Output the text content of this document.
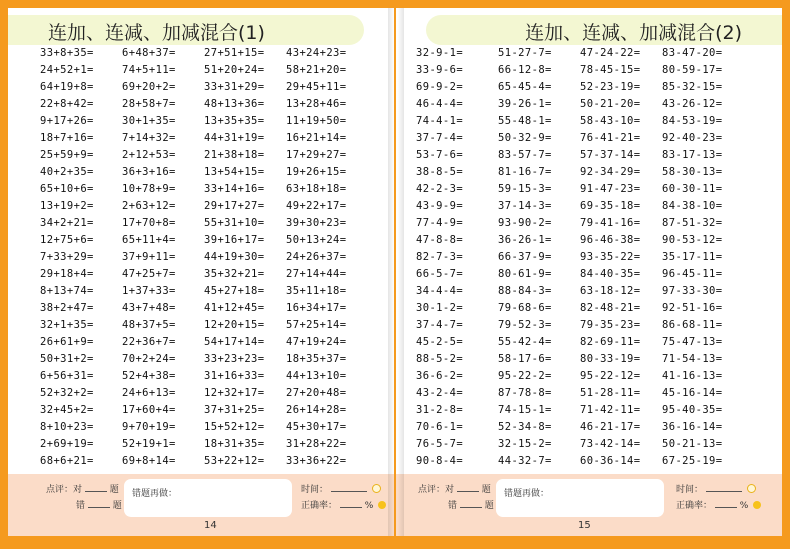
连加、连减、加减混合(1)
33+8+35=	6+48+37=	27+51+15=	43+24+23=
24+52+1=	74+5+11=	51+20+24=	58+21+20=
64+19+8=	69+20+2=	33+31+29=	29+45+11=
22+8+42=	28+58+7=	48+13+36=	13+28+46=
9+17+26=	30+1+35=	13+35+35=	11+19+50=
18+7+16=	7+14+32=	44+31+19=	16+21+14=
25+59+9=	2+12+53=	21+38+18=	17+29+27=
40+2+35=	36+3+16=	13+54+15=	19+26+15=
65+10+6=	10+78+9=	33+14+16=	63+18+18=
13+19+2=	2+63+12=	29+17+27=	49+22+17=
34+2+21=	17+70+8=	55+31+10=	39+30+23=
12+75+6=	65+11+4=	39+16+17=	50+13+24=
7+33+29=	37+9+11=	44+19+30=	24+26+37=
29+18+4=	47+25+7=	35+32+21=	27+14+44=
8+13+74=	1+37+33=	45+27+18=	35+11+18=
38+2+47=	43+7+48=	41+12+45=	16+34+17=
32+1+35=	48+37+5=	12+20+15=	57+25+14=
26+61+9=	22+36+7=	54+17+14=	47+19+24=
50+31+2=	70+2+24=	33+23+23=	18+35+37=
6+56+31=	52+4+38=	31+16+33=	44+13+10=
52+32+2=	24+6+13=	12+32+17=	27+20+48=
32+45+2=	17+60+4=	37+31+25=	26+14+28=
8+10+23=	9+70+19=	15+52+12=	45+30+17=
2+69+19=	52+19+1=	18+31+35=	31+28+22=
68+6+21=	69+8+14=	53+22+12=	33+36+22=
点评：对	题
错	题
错题再做：	时间：
正确率：	%
14
连加、连减、加减混合(2)
32-9-1=	51-27-7=	47-24-22=	83-47-20=
33-9-6=	66-12-8=	78-45-15=	80-59-17=
69-9-2=	65-45-4=	52-23-19=	85-32-15=
46-4-4=	39-26-1=	50-21-20=	43-26-12=
74-4-1=	55-48-1=	58-43-10=	84-53-19=
37-7-4=	50-32-9=	76-41-21=	92-40-23=
53-7-6=	83-57-7=	57-37-14=	83-17-13=
38-8-5=	81-16-7=	92-34-29=	58-30-13=
42-2-3=	59-15-3=	91-47-23=	60-30-11=
43-9-9=	37-14-3=	69-35-18=	84-38-10=
77-4-9=	93-90-2=	79-41-16=	87-51-32=
47-8-8=	36-26-1=	96-46-38=	90-53-12=
82-7-3=	66-37-9=	93-35-22=	35-17-11=
66-5-7=	80-61-9=	84-40-35=	96-45-11=
34-4-4=	88-84-3=	63-18-12=	97-33-30=
30-1-2=	79-68-6=	82-48-21=	92-51-16=
37-4-7=	79-52-3=	79-35-23=	86-68-11=
45-2-5=	55-42-4=	82-69-11=	75-47-13=
88-5-2=	58-17-6=	80-33-19=	71-54-13=
36-6-2=	95-22-2=	95-22-12=	41-16-13=
43-2-4=	87-78-8=	51-28-11=	45-16-14=
31-2-8=	74-15-1=	71-42-11=	95-40-35=
70-6-1=	52-34-8=	46-21-17=	36-16-14=
76-5-7=	32-15-2=	73-42-14=	50-21-13=
90-8-4=	44-32-7=	60-36-14=	67-25-19=
点评：对	题
错	题
错题再做：	时间：
正确率：	%
15
